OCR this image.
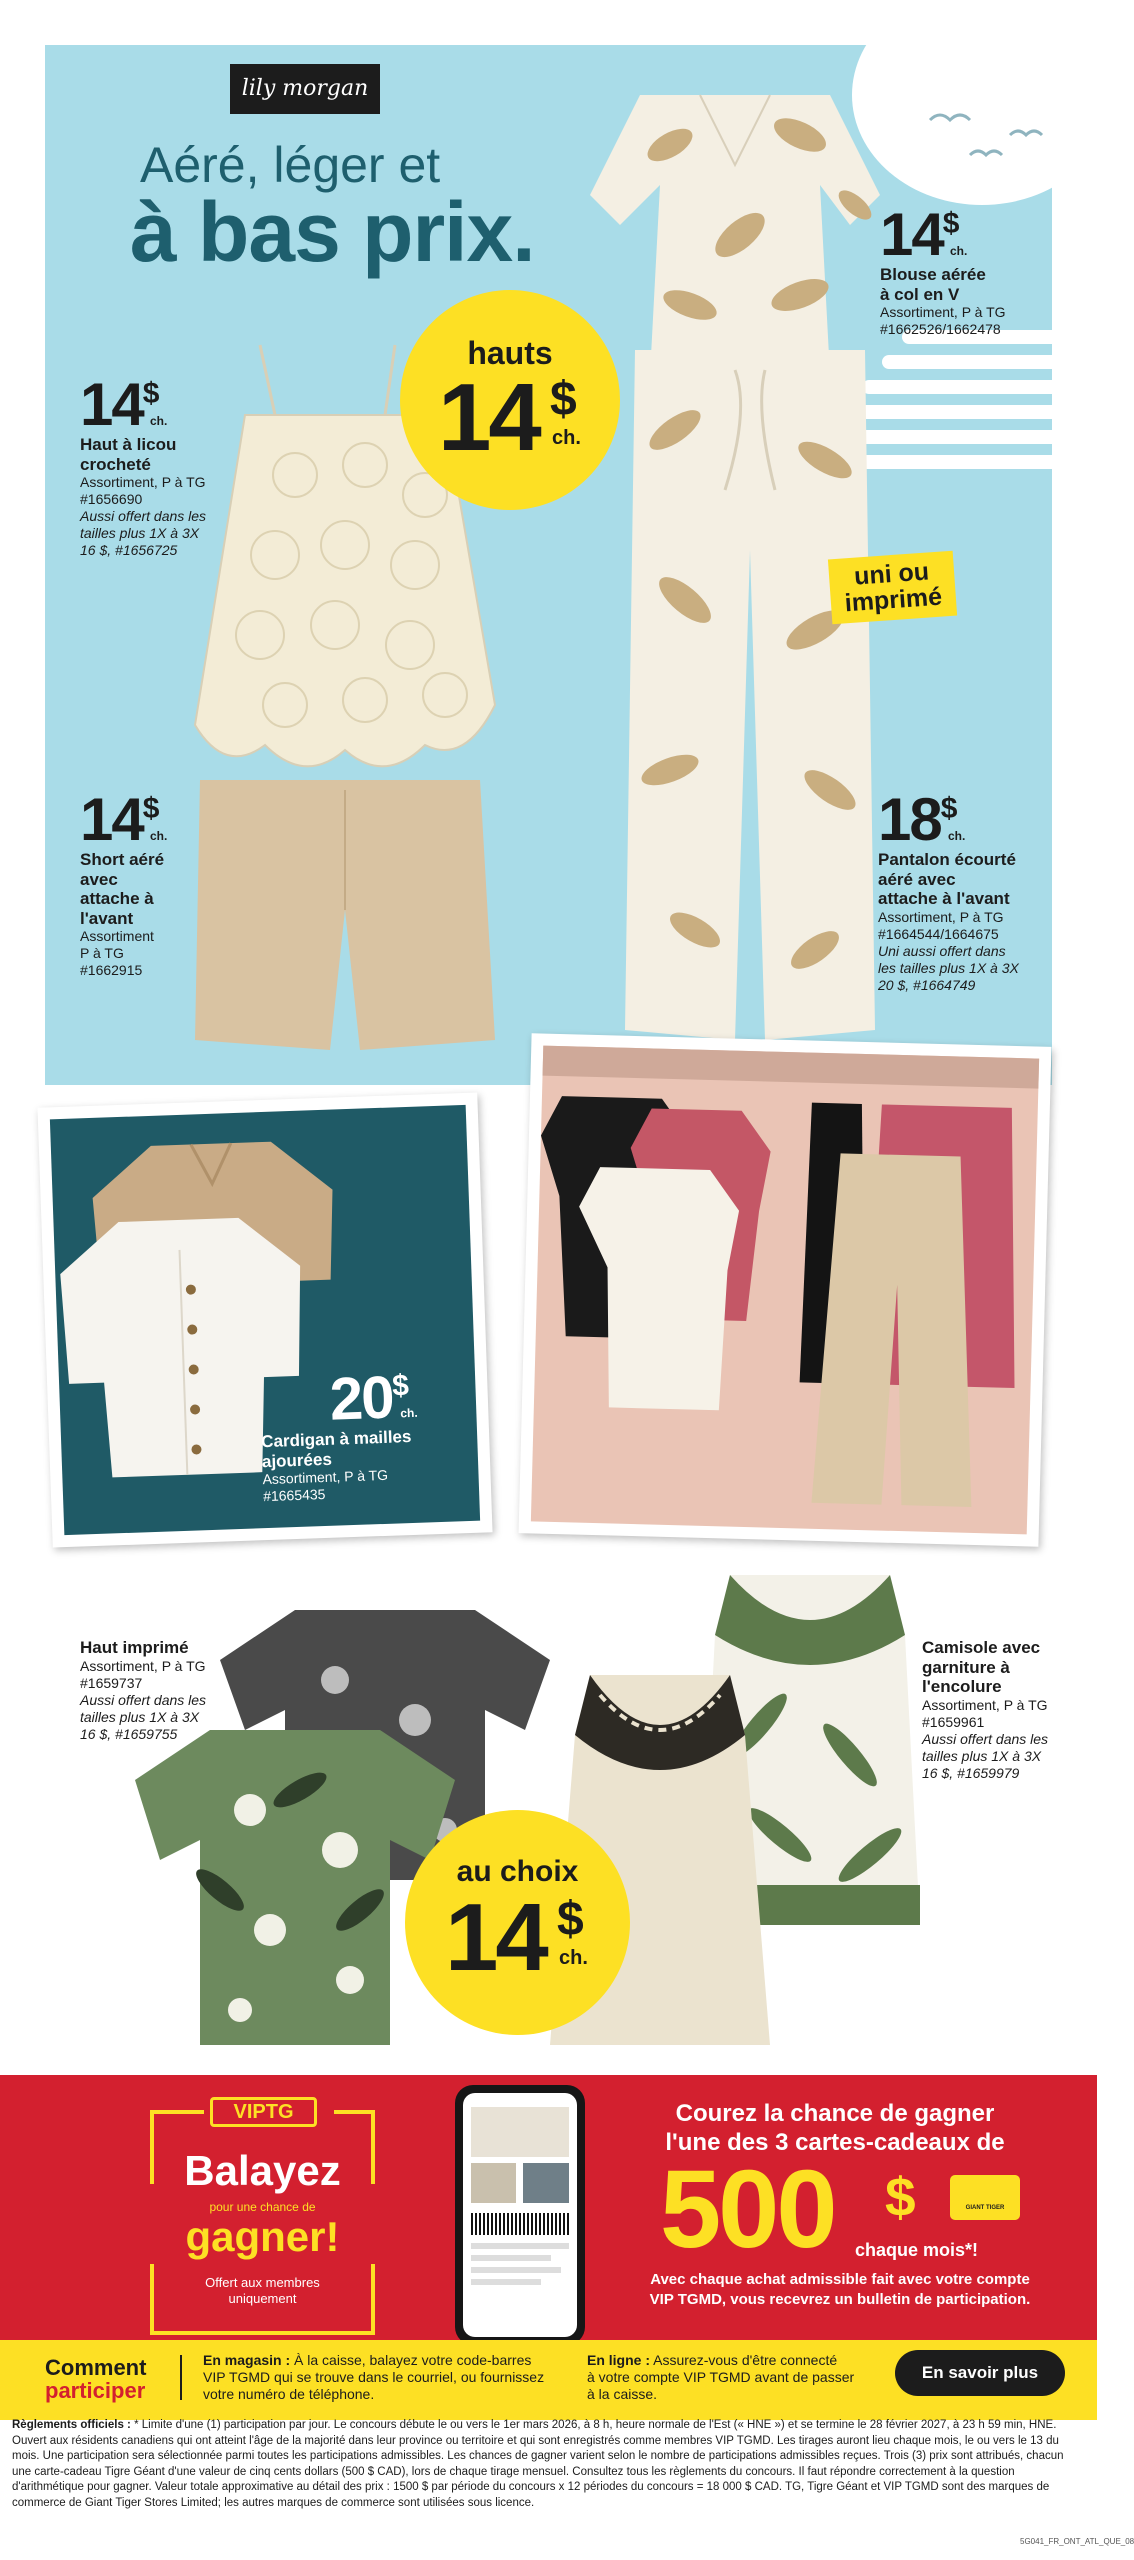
lily morgan
Aéré, léger et
à bas prix.
hauts
14 $
ch.
uni ou
imprimé
14$
ch.
Haut à licou
crocheté
Assortiment, P à TG
#1656690
Aussi offert dans les
tailles plus 1X à 3X
16 $, #1656725
14$
ch.
Short aéré
avec
attache à
l'avant
Assortiment
P à TG
#1662915
14$
ch.
Blouse aérée
à col en V
Assortiment, P à TG
#1662526/1662478
18$
ch.
Pantalon écourté
aéré avec
attache à l'avant
Assortiment, P à TG
#1664544/1664675
Uni aussi offert dans
les tailles plus 1X à 3X
20 $, #1664749
20$
ch.
Cardigan à mailles
ajourées
Assortiment, P à TG
#1665435
Haut imprimé
Assortiment, P à TG
#1659737
Aussi offert dans les
tailles plus 1X à 3X
16 $, #1659755
Camisole avec
garniture à
l'encolure
Assortiment, P à TG
#1659961
Aussi offert dans les
tailles plus 1X à 3X
16 $, #1659979
au choix
14 $
ch.
VIPTG
Balayez
pour une chance de
gagner!
Offert aux membres
uniquement
Courez la chance de gagner
l'une des 3 cartes-cadeaux de
500 $	GIANT TIGER
chaque mois*!
Avec chaque achat admissible fait avec votre compte
VIP TGMD, vous recevrez un bulletin de participation.
Comment
participer
En magasin : À la caisse, balayez votre code-barres
VIP TGMD qui se trouve dans le courriel, ou fournissez
votre numéro de téléphone.
En ligne : Assurez-vous d'être connecté
à votre compte VIP TGMD avant de passer
à la caisse.
En savoir plus
Règlements officiels : * Limite d'une (1) participation par jour. Le concours débute le ou vers le 1er mars 2026, à 8 h, heure normale de l'Est (« HNE ») et se termine le 28 février 2027, à 23 h 59 min, HNE. Ouvert aux résidents canadiens qui ont atteint l'âge de la majorité dans leur province ou territoire et qui sont enregistrés comme membres VIP TGMD. Les tirages auront lieu chaque mois, le ou vers le 13 du mois. Une participation sera sélectionnée parmi toutes les participations admissibles. Les chances de gagner varient selon le nombre de participations admissibles reçues. Trois (3) prix sont attribués, chacun une carte-cadeau Tigre Géant d'une valeur de cinq cents dollars (500 $ CAD), lors de chaque tirage mensuel. Consultez tous les règlements du concours. Il faut répondre correctement à la question d'arithmétique pour gagner. Valeur totale approximative au détail des prix : 1500 $ par période du concours x 12 périodes du concours = 18 000 $ CAD. TG, Tigre Géant et VIP TGMD sont des marques de commerce de Giant Tiger Stores Limited; les autres marques de commerce sont utilisées sous licence.
5G041_FR_ONT_ATL_QUE_08
